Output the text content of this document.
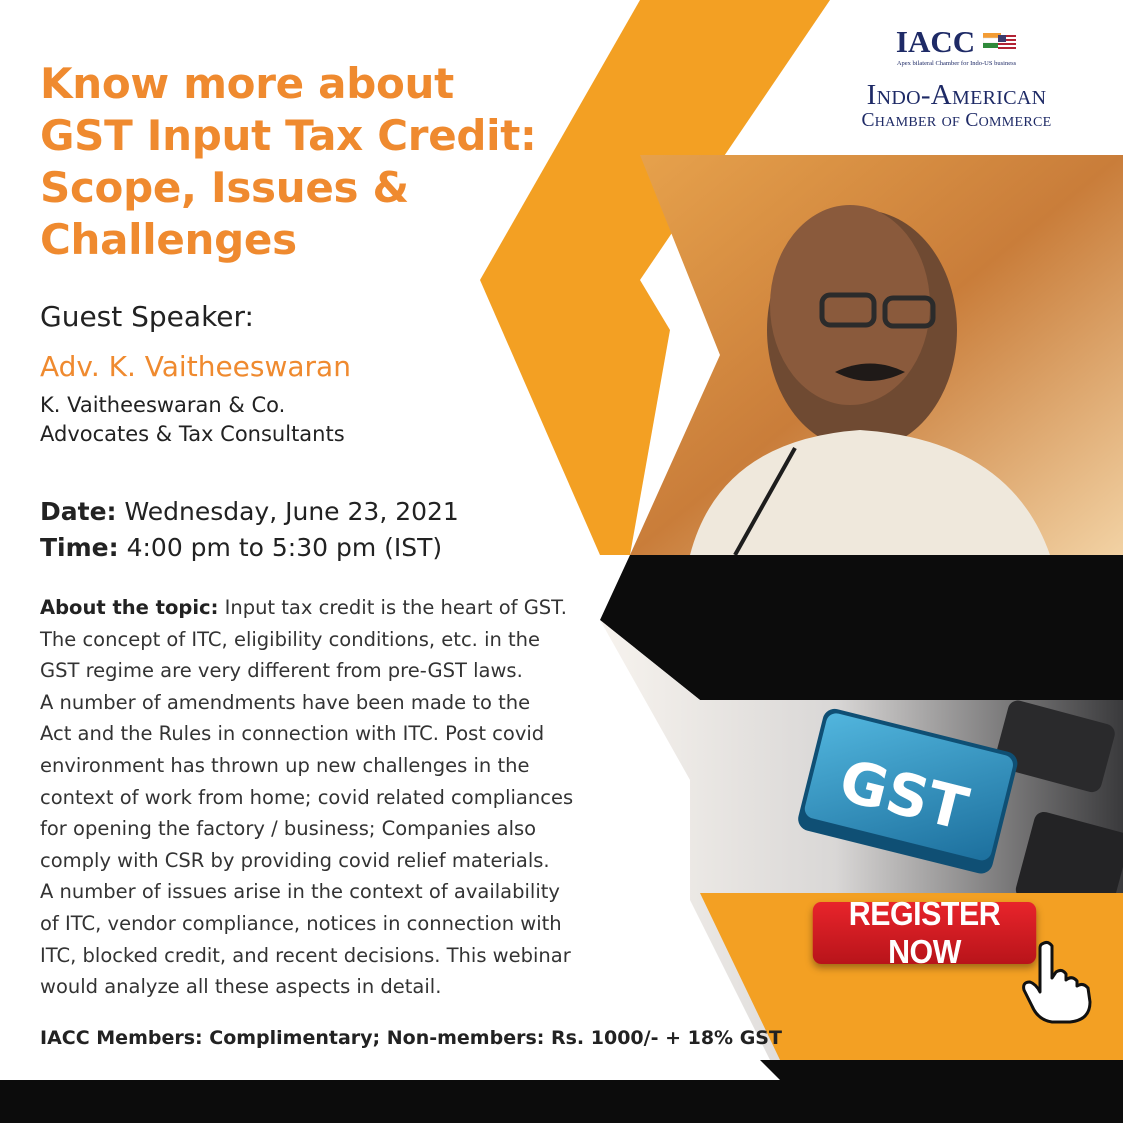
GST
Know more about
GST Input Tax Credit:
Scope, Issues &
Challenges
Guest Speaker:
Adv. K. Vaitheeswaran
K. Vaitheeswaran & Co.
Advocates & Tax Consultants
Date: Wednesday, June 23, 2021
Time: 4:00 pm to 5:30 pm (IST)
About the topic: Input tax credit is the heart of GST.
The concept of ITC, eligibility conditions, etc. in the
GST regime are very different from pre-GST laws.
A number of amendments have been made to the
Act and the Rules in connection with ITC. Post covid
environment has thrown up new challenges in the
context of work from home; covid related compliances
for opening the factory / business; Companies also
comply with CSR by providing covid relief materials.
A number of issues arise in the context of availability
of ITC, vendor compliance, notices in connection with
ITC, blocked credit, and recent decisions. This webinar
would analyze all these aspects in detail.
IACC Members: Complimentary; Non-members: Rs. 1000/- + 18% GST
IACC
Apex bilateral Chamber for Indo-US business
Indo-American
Chamber of Commerce
REGISTER NOW
